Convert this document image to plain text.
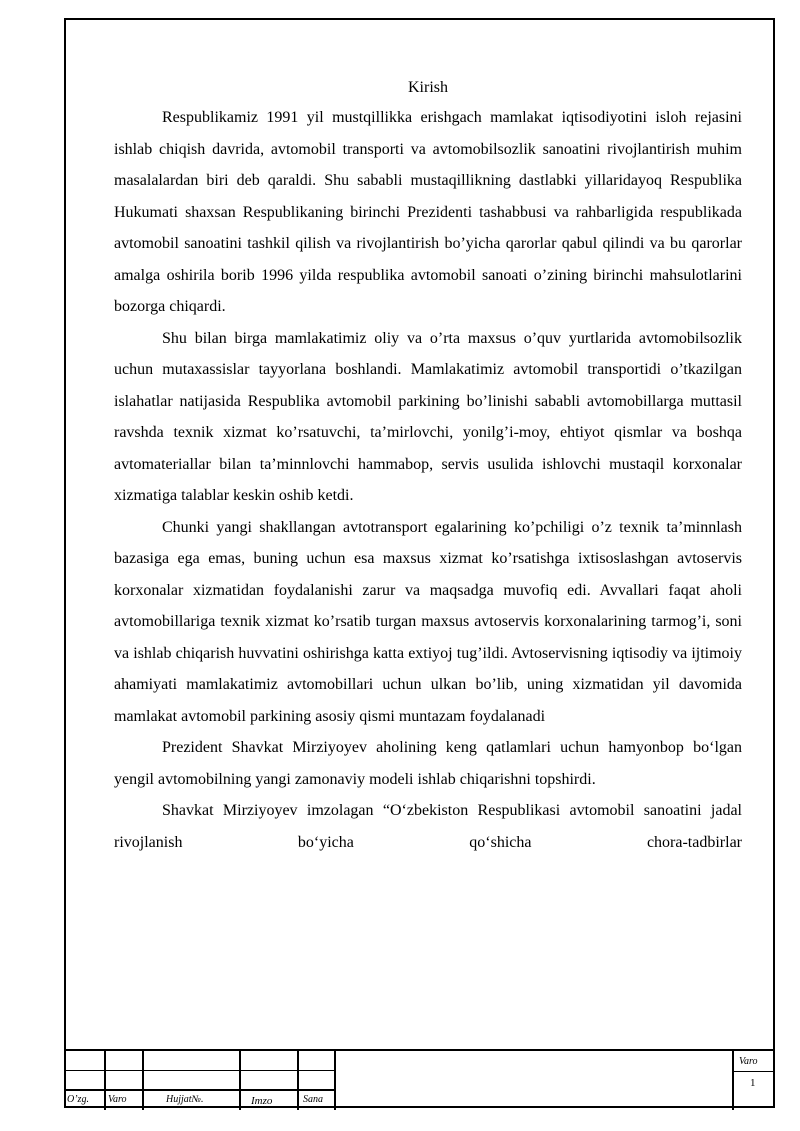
Kirish

Respublikamiz 1991 yil mustqillikka erishgach mamlakat iqtisodiyotini isloh rejasini ishlab chiqish davrida, avtomobil transporti va avtomobilsozlik sanoatini rivojlantirish muhim masalalardan biri deb qaraldi. Shu sababli mustaqillikning dastlabki yillaridayoq Respublika Hukumati shaxsan Respublikaning birinchi Prezidenti tashabbusi va rahbarligida respublikada avtomobil sanoatini tashkil qilish va rivojlantirish bo’yicha qarorlar qabul qilindi va bu qarorlar amalga oshirila borib 1996 yilda respublika avtomobil sanoati o’zining birinchi mahsulotlarini bozorga chiqardi.

Shu bilan birga mamlakatimiz oliy va o’rta maxsus o’quv yurtlarida avtomobilsozlik uchun mutaxassislar tayyorlana boshlandi. Mamlakatimiz avtomobil transportidi o’tkazilgan islahatlar natijasida Respublika avtomobil parkining bo’linishi sababli avtomobillarga muttasil ravshda texnik xizmat ko’rsatuvchi, ta’mirlovchi, yonilg’i-moy, ehtiyot qismlar va boshqa avtomateriallar bilan ta’minnlovchi hammabop, servis usulida ishlovchi mustaqil korxonalar xizmatiga talablar keskin oshib ketdi.

Chunki yangi shakllangan avtotransport egalarining ko’pchiligi o’z texnik ta’minnlash bazasiga ega emas, buning uchun esa maxsus xizmat ko’rsatishga ixtisoslashgan avtoservis korxonalar xizmatidan foydalanishi zarur va maqsadga muvofiq edi. Avvallari faqat aholi avtomobillariga texnik xizmat ko’rsatib turgan maxsus avtoservis korxonalarining tarmog’i, soni va ishlab chiqarish huvvatini oshirishga katta extiyoj tug’ildi. Avtoservisning iqtisodiy va ijtimoiy ahamiyati mamlakatimiz avtomobillari uchun ulkan bo’lib, uning xizmatidan yil davomida mamlakat avtomobil parkining asosiy qismi muntazam foydalanadi

Prezident Shavkat Mirziyoyev aholining keng qatlamlari uchun hamyonbop bo‘lgan yengil avtomobilning yangi zamonaviy modeli ishlab chiqarishni topshirdi.

Shavkat Mirziyoyev imzolagan “O‘zbekiston Respublikasi avtomobil sanoatini jadal rivojlanish bo‘yicha qo‘shicha chora-tadbirlar

O’zg. Varo	Hujjat№.	Imzo	Sana
Varo
1
